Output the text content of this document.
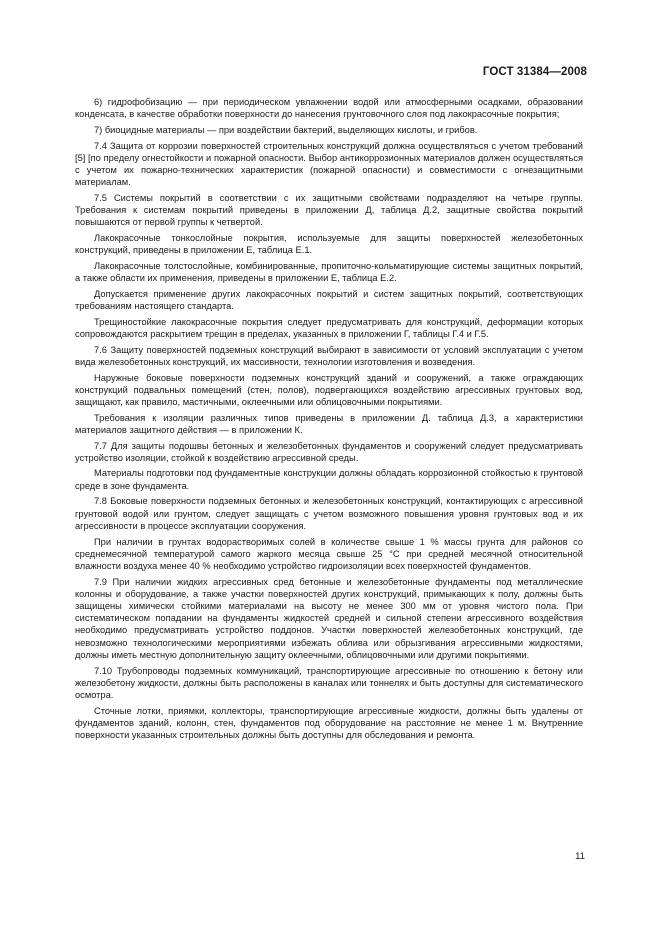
ГОСТ 31384—2008

6) гидрофобизацию — при периодическом увлажнении водой или атмосферными осадками, образовании конденсата, в качестве обработки поверхности до нанесения грунтовочного слоя под лакокрасочные покрытия;

7) биоцидные материалы — при воздействии бактерий, выделяющих кислоты, и грибов.

7.4 Защита от коррозии поверхностей строительных конструкций должна осуществляться с учетом требований [5] [по пределу огнестойкости и пожарной опасности. Выбор антикоррозионных материалов должен осуществляться с учетом их пожарно-технических характеристик (пожарной опасности) и совместимости с огнезащитными материалам.

7.5 Системы покрытий в соответствии с их защитными свойствами подразделяют на четыре группы. Требования к системам покрытий приведены в приложении Д, таблица Д.2, защитные свойства покрытий повышаются от первой группы к четвертой.

Лакокрасочные тонкослойные покрытия, используемые для защиты поверхностей железобетонных конструкций, приведены в приложении Е, таблица Е.1.

Лакокрасочные толстослойные, комбинированные, пропиточно-кольматирующие системы защитных покрытий, а также области их применения, приведены в приложении Е, таблица Е.2.

Допускается применение других лакокрасочных покрытий и систем защитных покрытий, соответствующих требованиям настоящего стандарта.

Трещиностойкие лакокрасочные покрытия следует предусматривать для конструкций, деформации которых сопровождаются раскрытием трещин в пределах, указанных в приложении Г, таблицы Г.4 и Г.5.

7.6 Защиту поверхностей подземных конструкций выбирают в зависимости от условий эксплуатации с учетом вида железобетонных конструкций, их массивности, технологии изготовления и возведения.

Наружные боковые поверхности подземных конструкций зданий и сооружений, а также ограждающих конструкций подвальных помещений (стен, полов), подвергающихся воздействию агрессивных грунтовых вод, защищают, как правило, мастичными, оклеечными или облицовочными покрытиями.

Требования к изоляции различных типов приведены в приложении Д. таблица Д.3, а характеристики материалов защитного действия — в приложении К.

7.7 Для защиты подошвы бетонных и железобетонных фундаментов и сооружений следует предусматривать устройство изоляции, стойкой к воздействию агрессивной среды.

Материалы подготовки под фундаментные конструкции должны обладать коррозионной стойкостью к грунтовой среде в зоне фундамента.

7.8 Боковые поверхности подземных бетонных и железобетонных конструкций, контактирующих с агрессивной грунтовой водой или грунтом, следует защищать с учетом возможного повышения уровня грунтовых вод и их агрессивности в процессе эксплуатации сооружения.

При наличии в грунтах водорастворимых солей в количестве свыше 1 % массы грунта для районов со среднемесячной температурой самого жаркого месяца свыше 25 °С при средней месячной относительной влажности воздуха менее 40 % необходимо устройство гидроизоляции всех поверхностей фундаментов.

7.9 При наличии жидких агрессивных сред бетонные и железобетонные фундаменты под металлические колонны и оборудование, а также участки поверхностей других конструкций, примыкающих к полу, должны быть защищены химически стойкими материалами на высоту не менее 300 мм от уровня чистого пола. При систематическом попадании на фундаменты жидкостей средней и сильной степени агрессивного воздействия необходимо предусматривать устройство поддонов. Участки поверхностей железобетонных конструкций, где невозможно технологическими мероприятиями избежать облива или обрызгивания агрессивными жидкостями, должны иметь местную дополнительную защиту оклеечными, облицовочными или другими покрытиями.

7.10 Трубопроводы подземных коммуникаций, транспортирующие агрессивные по отношению к бетону или железобетону жидкости, должны быть расположены в каналах или тоннелях и быть доступны для систематического осмотра.

Сточные лотки, приямки, коллекторы, транспортирующие агрессивные жидкости, должны быть удалены от фундаментов зданий, колонн, стен, фундаментов под оборудование на расстояние не менее 1 м. Внутренние поверхности указанных строительных должны быть доступны для обследования и ремонта.

11
